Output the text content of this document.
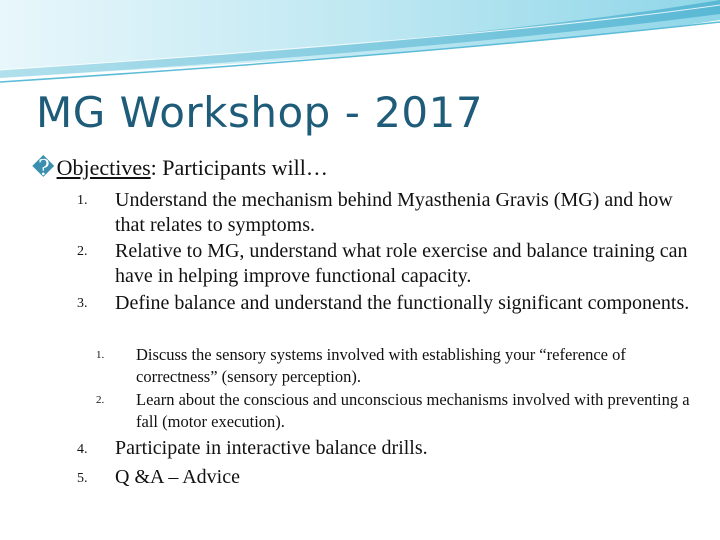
MG Workshop - 2017
�Objectives: Participants will…
1. Understand the mechanism behind Myasthenia Gravis (MG) and how that relates to symptoms.
2. Relative to MG, understand what role exercise and balance training can have in helping improve functional capacity.
3. Define balance and understand the functionally significant components.
1. Discuss the sensory systems involved with establishing your “reference of correctness” (sensory perception).
2. Learn about the conscious and unconscious mechanisms involved with preventing a fall (motor execution).
4. Participate in interactive balance drills.
5. Q &A – Advice
